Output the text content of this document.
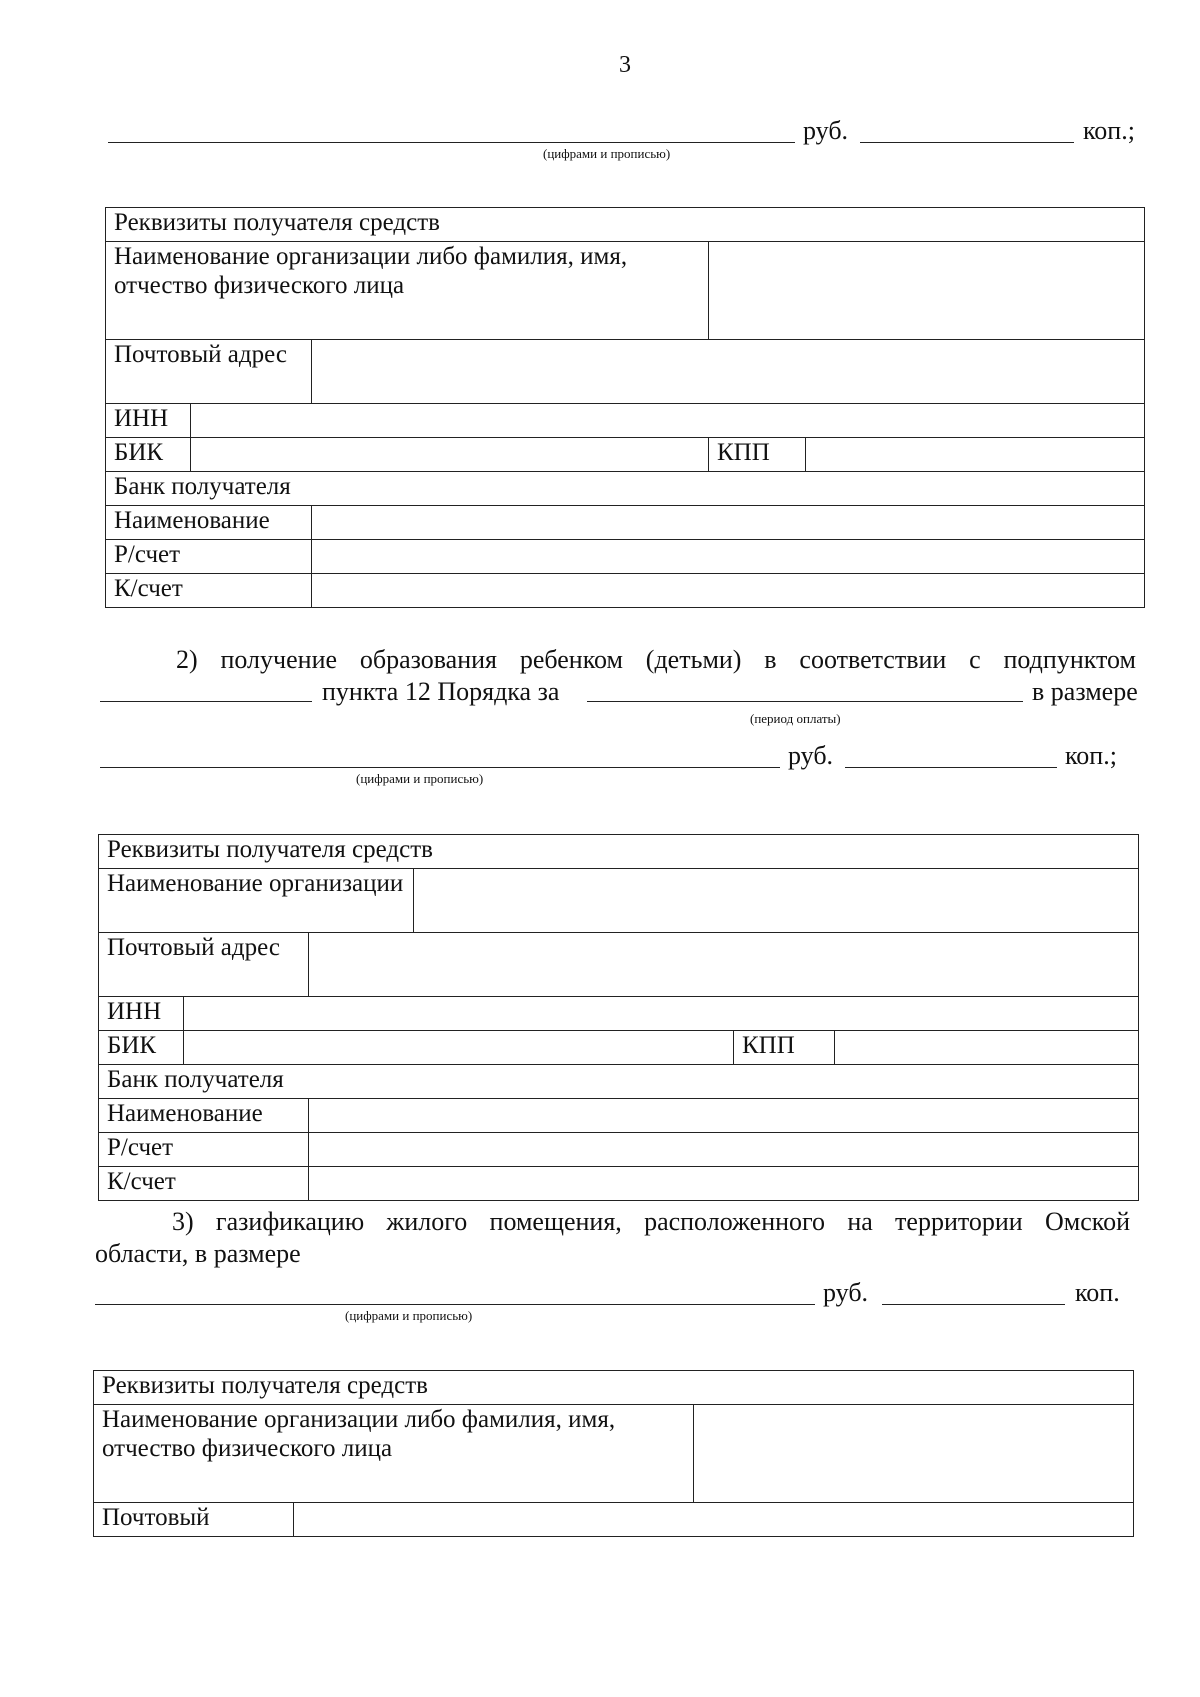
3
руб.	коп.;
(цифрами и прописью)
Реквизиты получателя средств				
Наименование организации либо фамилия, имя, отчество физического лица				
Почтовый адрес				
ИНН				
БИК			КПП	
Банк получателя				
Наименование				
Р/счет				
К/счет				
2) получение образования ребенком (детьми) в соответствии с подпунктом
пункта 12 Порядка за	в размере
(период оплаты)
руб.	коп.;
(цифрами и прописью)
Реквизиты получателя средств					
Наименование организации					
Почтовый адрес					
ИНН					
БИК				КПП	
Банк получателя					
Наименование					
Р/счет					
К/счет					
3) газификацию жилого помещения, расположенного на территории Омской
области, в размере
руб.	коп.
(цифрами и прописью)
Реквизиты получателя средств		
Наименование организации либо фамилия, имя, отчество физического лица		
Почтовый		
